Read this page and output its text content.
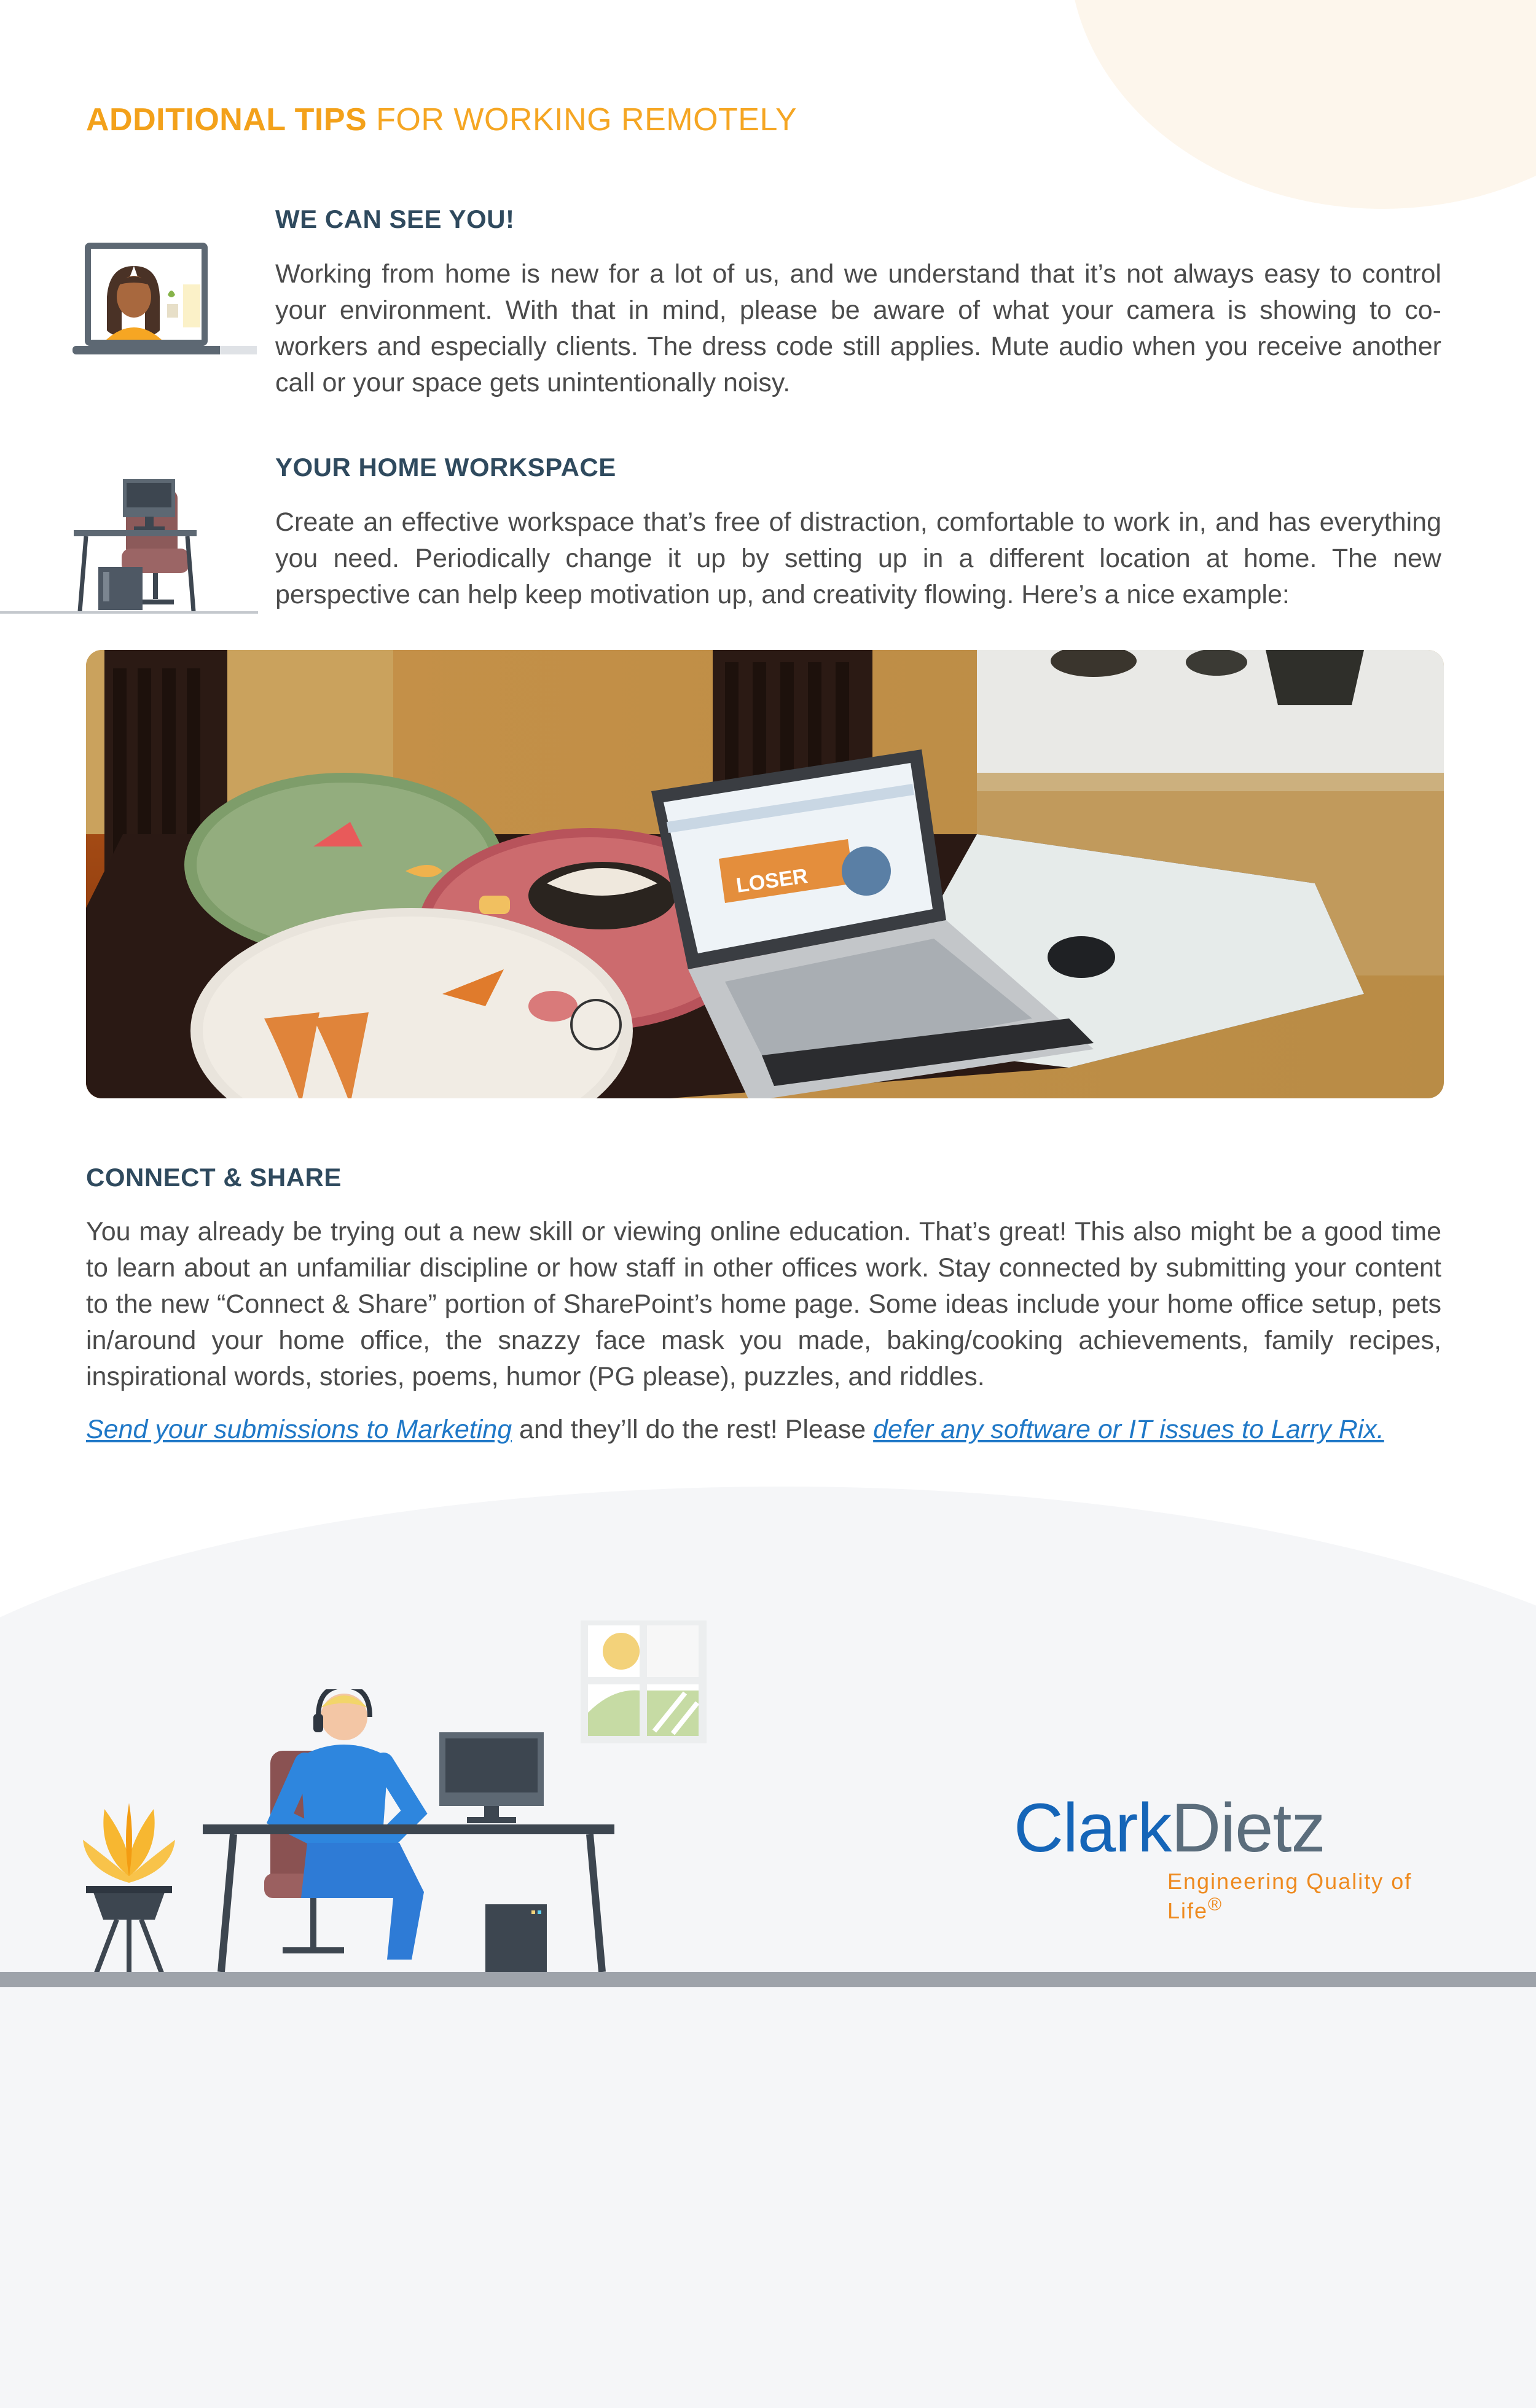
ADDITIONAL TIPS FOR WORKING REMOTELY
WE CAN SEE YOU!

Working from home is new for a lot of us, and we understand that it’s not always easy to control your environment. With that in mind, please be aware of what your camera is showing to co-workers and especially clients. The dress code still applies. Mute audio when you receive another call or your space gets unintentionally noisy.

YOUR HOME WORKSPACE

Create an effective workspace that’s free of distraction, comfortable to work in, and has everything you need. Periodically change it up by setting up in a different location at home. The new perspective can help keep motivation up, and creativity flowing. Here’s a nice example:

LOSER
CONNECT & SHARE

You may already be trying out a new skill or viewing online education. That’s great! This also might be a good time to learn about an unfamiliar discipline or how staff in other offices work. Stay connected by submitting your content to the new “Connect & Share” portion of SharePoint’s home page. Some ideas include your home office setup, pets in/around your home office, the snazzy face mask you made, baking/cooking achievements, family recipes, inspirational words, stories, poems, humor (PG please), puzzles, and riddles.

Send your submissions to Marketing and they’ll do the rest! Please defer any software or IT issues to Larry Rix.

ClarkDietz
Engineering Quality of Life®
